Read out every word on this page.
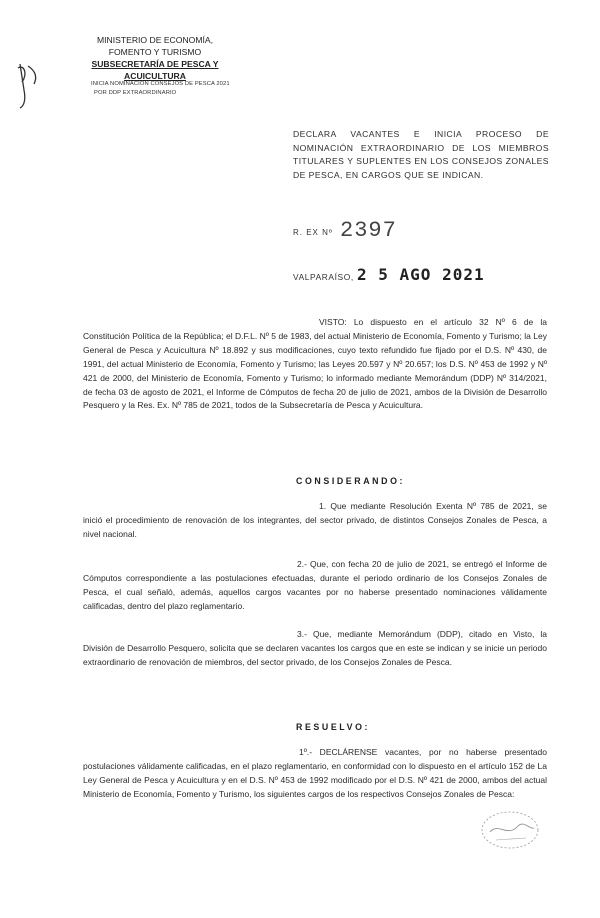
MINISTERIO DE ECONOMÍA,
FOMENTO Y TURISMO
SUBSECRETARÍA DE PESCA Y ACUICULTURA
INICIA NOMINACIÓN CONSEJOS DE PESCA 2021
POR DDP EXTRAORDINARIO
DECLARA VACANTES E INICIA PROCESO DE NOMINACIÓN EXTRAORDINARIO DE LOS MIEMBROS TITULARES Y SUPLENTES EN LOS CONSEJOS ZONALES DE PESCA, EN CARGOS QUE SE INDICAN.
R. EX Nº 2397
VALPARAÍSO, 2 5 AGO 2021
VISTO: Lo dispuesto en el artículo 32 Nº 6 de la Constitución Política de la República; el D.F.L. Nº 5 de 1983, del actual Ministerio de Economía, Fomento y Turismo; la Ley General de Pesca y Acuicultura Nº 18.892 y sus modificaciones, cuyo texto refundido fue fijado por el D.S. Nº 430, de 1991, del actual Ministerio de Economía, Fomento y Turismo; las Leyes 20.597 y Nº 20.657; los D.S. Nº 453 de 1992 y Nº 421 de 2000, del Ministerio de Economía, Fomento y Turismo; lo informado mediante Memorándum (DDP) Nº 314/2021, de fecha 03 de agosto de 2021, el Informe de Cómputos de fecha 20 de julio de 2021, ambos de la División de Desarrollo Pesquero y la Res. Ex. Nº 785 de 2021, todos de la Subsecretaría de Pesca y Acuicultura.
CONSIDERANDO:
1. Que mediante Resolución Exenta Nº 785 de 2021, se inició el procedimiento de renovación de los integrantes, del sector privado, de distintos Consejos Zonales de Pesca, a nivel nacional.
2.- Que, con fecha 20 de julio de 2021, se entregó el Informe de Cómputos correspondiente a las postulaciones efectuadas, durante el periodo ordinario de los Consejos Zonales de Pesca, el cual señaló, además, aquellos cargos vacantes por no haberse presentado nominaciones válidamente calificadas, dentro del plazo reglamentario.
3.- Que, mediante Memorándum (DDP), citado en Visto, la División de Desarrollo Pesquero, solicita que se declaren vacantes los cargos que en este se indican y se inicie un periodo extraordinario de renovación de miembros, del sector privado, de los Consejos Zonales de Pesca.
RESUELVO:
1º.- DECLÁRENSE vacantes, por no haberse presentado postulaciones válidamente calificadas, en el plazo reglamentario, en conformidad con lo dispuesto en el artículo 152 de La Ley General de Pesca y Acuicultura y en el D.S. Nº 453 de 1992 modificado por el D.S. Nº 421 de 2000, ambos del actual Ministerio de Economía, Fomento y Turismo, los siguientes cargos de los respectivos Consejos Zonales de Pesca:
